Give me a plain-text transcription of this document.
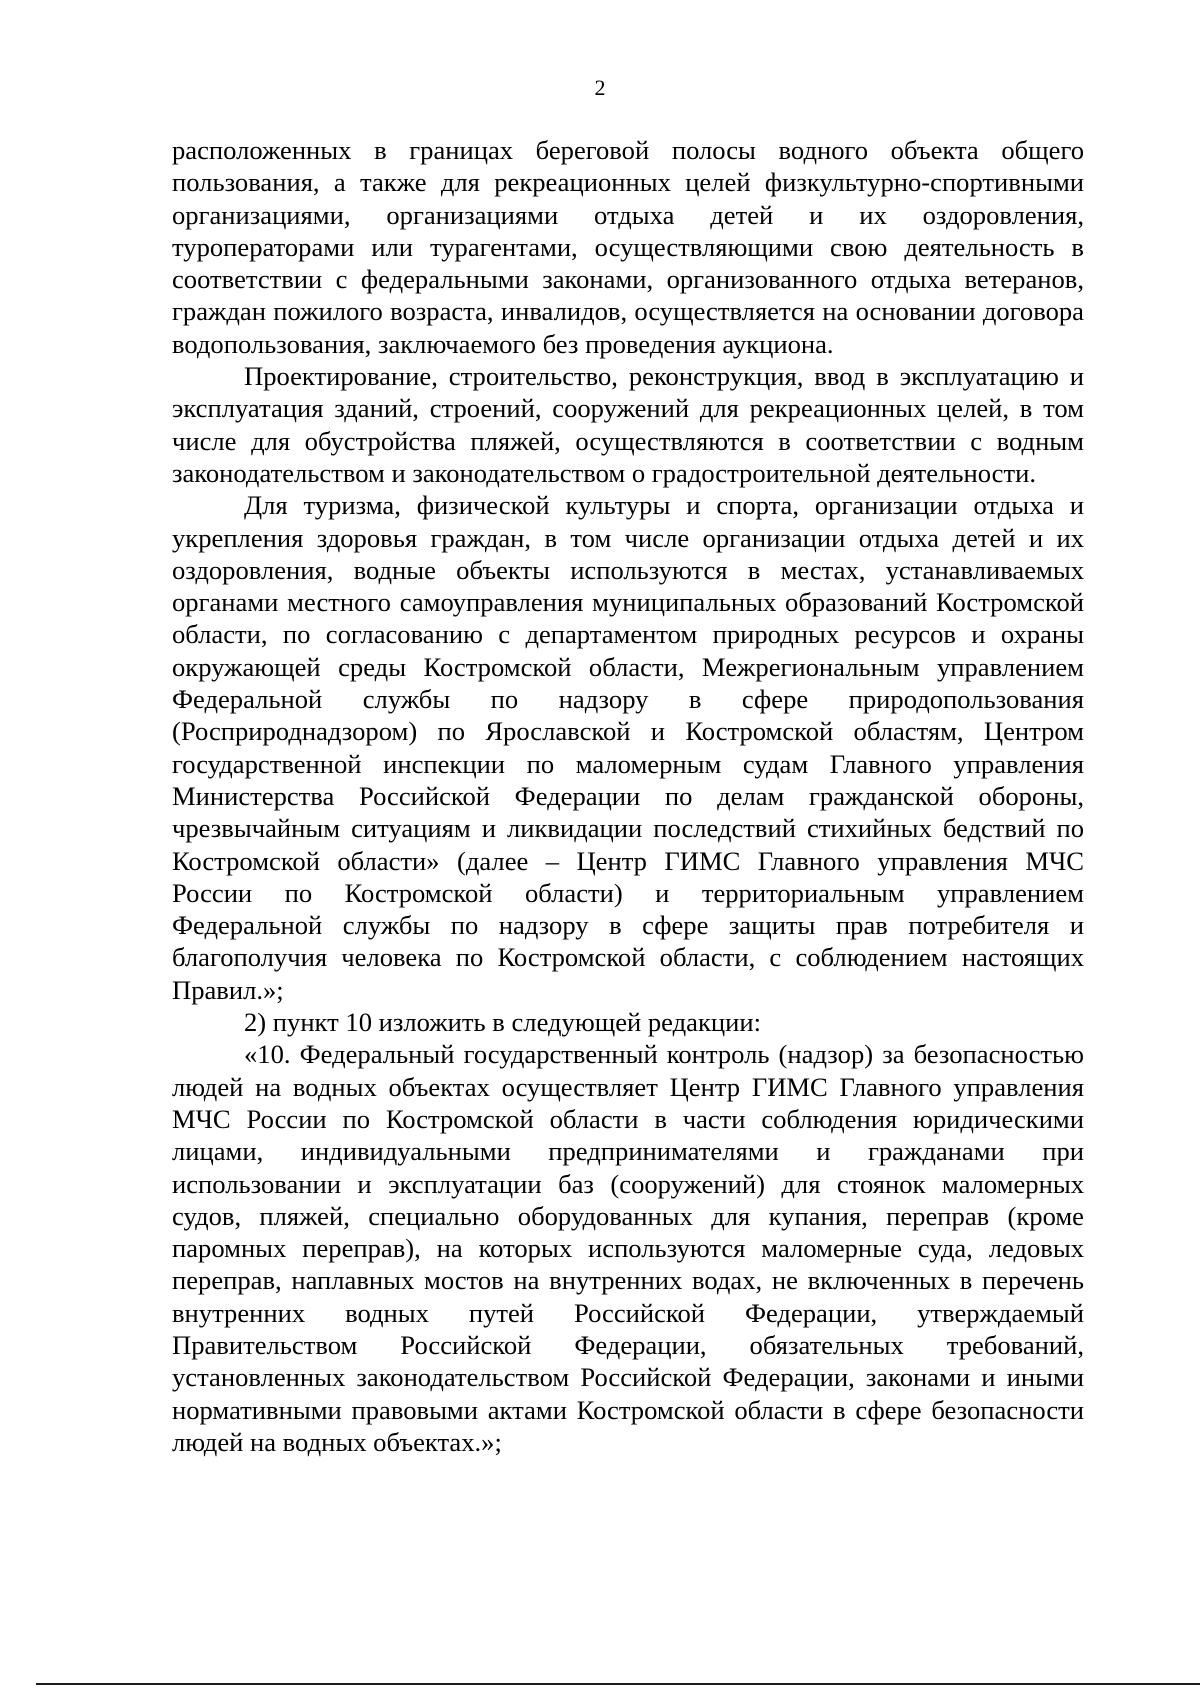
2

расположенных в границах береговой полосы водного объекта общего пользования, а также для рекреационных целей физкультурно-спортивными организациями, организациями отдыха детей и их оздоровления, туроператорами или турагентами, осуществляющими свою деятельность в соответствии с федеральными законами, организованного отдыха ветеранов, граждан пожилого возраста, инвалидов, осуществляется на основании договора водопользования, заключаемого без проведения аукциона.

Проектирование, строительство, реконструкция, ввод в эксплуатацию и эксплуатация зданий, строений, сооружений для рекреационных целей, в том числе для обустройства пляжей, осуществляются в соответствии с водным законодательством и законодательством о градостроительной деятельности.

Для туризма, физической культуры и спорта, организации отдыха и укрепления здоровья граждан, в том числе организации отдыха детей и их оздоровления, водные объекты используются в местах, устанавливаемых органами местного самоуправления муниципальных образований Костромской области, по согласованию с департаментом природных ресурсов и охраны окружающей среды Костромской области, Межрегиональным управлением Федеральной службы по надзору в сфере природопользования (Росприроднадзором) по Ярославской и Костромской областям, Центром государственной инспекции по маломерным судам Главного управления Министерства Российской Федерации по делам гражданской обороны, чрезвычайным ситуациям и ликвидации последствий стихийных бедствий по Костромской области» (далее – Центр ГИМС Главного управления МЧС России по Костромской области) и территориальным управлением Федеральной службы по надзору в сфере защиты прав потребителя и благополучия человека по Костромской области, с соблюдением настоящих Правил.»;

2) пункт 10 изложить в следующей редакции:

«10. Федеральный государственный контроль (надзор) за безопасностью людей на водных объектах осуществляет Центр ГИМС Главного управления МЧС России по Костромской области в части соблюдения юридическими лицами, индивидуальными предпринимателями и гражданами при использовании и эксплуатации баз (сооружений) для стоянок маломерных судов, пляжей, специально оборудованных для купания, переправ (кроме паромных переправ), на которых используются маломерные суда, ледовых переправ, наплавных мостов на внутренних водах, не включенных в перечень внутренних водных путей Российской Федерации, утверждаемый Правительством Российской Федерации, обязательных требований, установленных законодательством Российской Федерации, законами и иными нормативными правовыми актами Костромской области в сфере безопасности людей на водных объектах.»;
